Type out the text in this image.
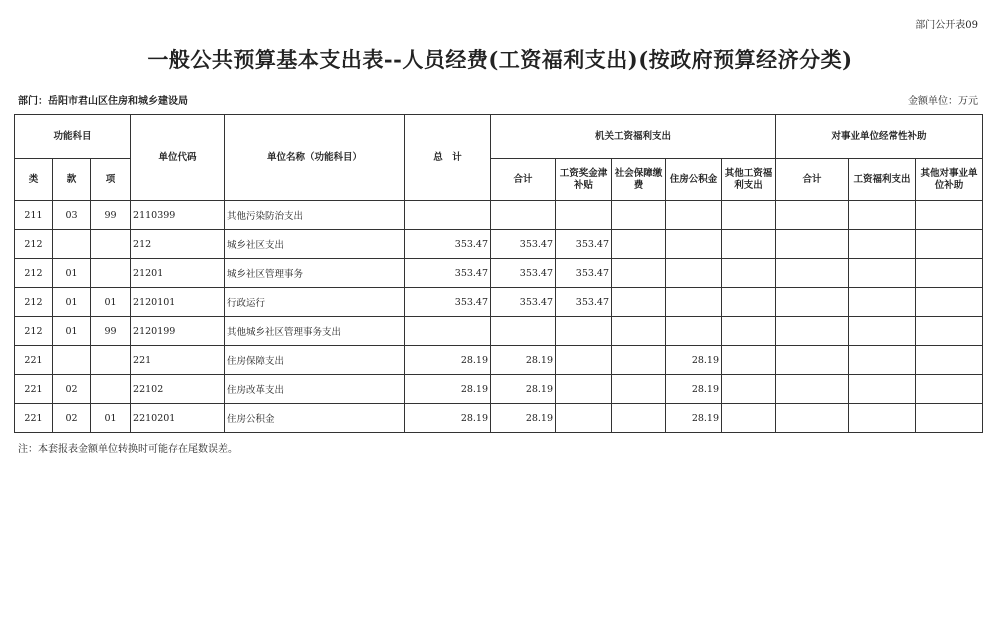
部门公开表09
一般公共预算基本支出表--人员经费(工资福利支出)(按政府预算经济分类)
部门：岳阳市君山区住房和城乡建设局	金额单位：万元
功能科目			单位代码	单位名称（功能科目）	总　计	机关工资福利支出					对事业单位经常性补助		
类	款	项				合计	工资奖金津补贴	社会保障缴费	住房公积金	其他工资福利支出	合计	工资福利支出	其他对事业单位补助
211	03	99	2110399	其他污染防治支出									
212			212	城乡社区支出	353.47	353.47	353.47						
212	01		21201	城乡社区管理事务	353.47	353.47	353.47						
212	01	01	2120101	行政运行	353.47	353.47	353.47						
212	01	99	2120199	其他城乡社区管理事务支出									
221			221	住房保障支出	28.19	28.19			28.19				
221	02		22102	住房改革支出	28.19	28.19			28.19				
221	02	01	2210201	住房公积金	28.19	28.19			28.19				
注：本套报表金额单位转换时可能存在尾数误差。
